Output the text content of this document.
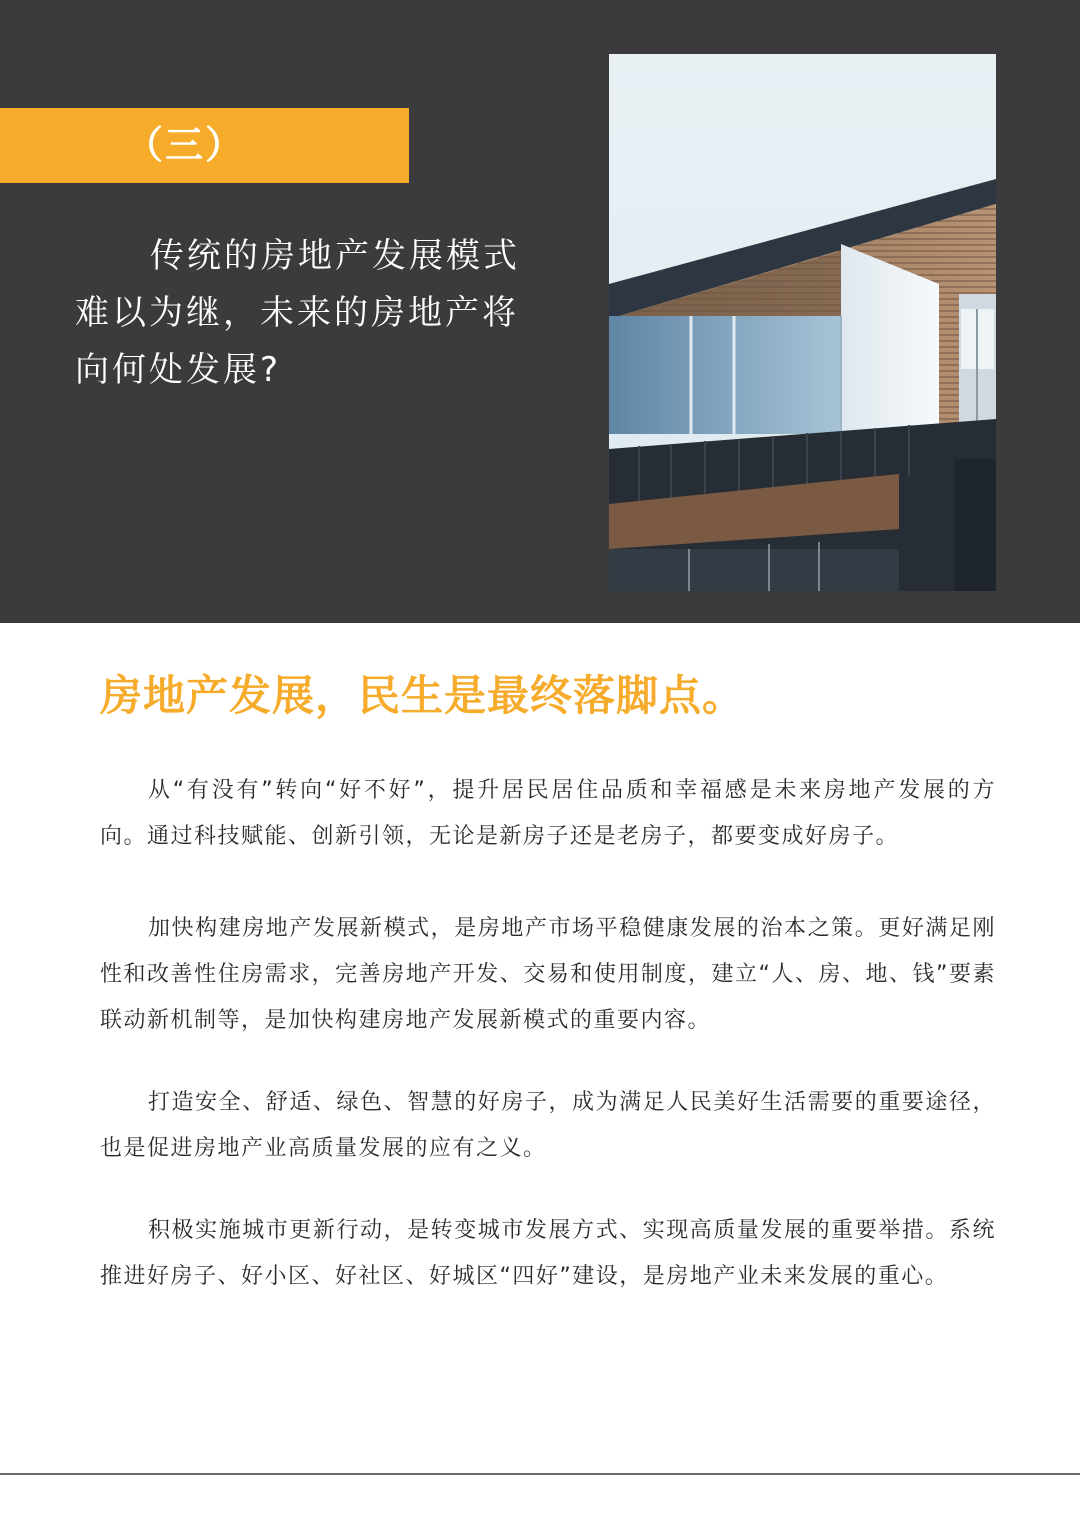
（三）
传统的房地产发展模式
难以为继，未来的房地产将
向何处发展?
房地产发展，民生是最终落脚点。

从“有没有”转向“好不好”，提升居民居住品质和幸福感是未来房地产发展的方向。通过科技赋能、创新引领，无论是新房子还是老房子，都要变成好房子。

加快构建房地产发展新模式，是房地产市场平稳健康发展的治本之策。更好满足刚性和改善性住房需求，完善房地产开发、交易和使用制度，建立“人、房、地、钱”要素联动新机制等，是加快构建房地产发展新模式的重要内容。

打造安全、舒适、绿色、智慧的好房子，成为满足人民美好生活需要的重要途径，也是促进房地产业高质量发展的应有之义。

积极实施城市更新行动，是转变城市发展方式、实现高质量发展的重要举措。系统推进好房子、好小区、好社区、好城区“四好”建设，是房地产业未来发展的重心。
